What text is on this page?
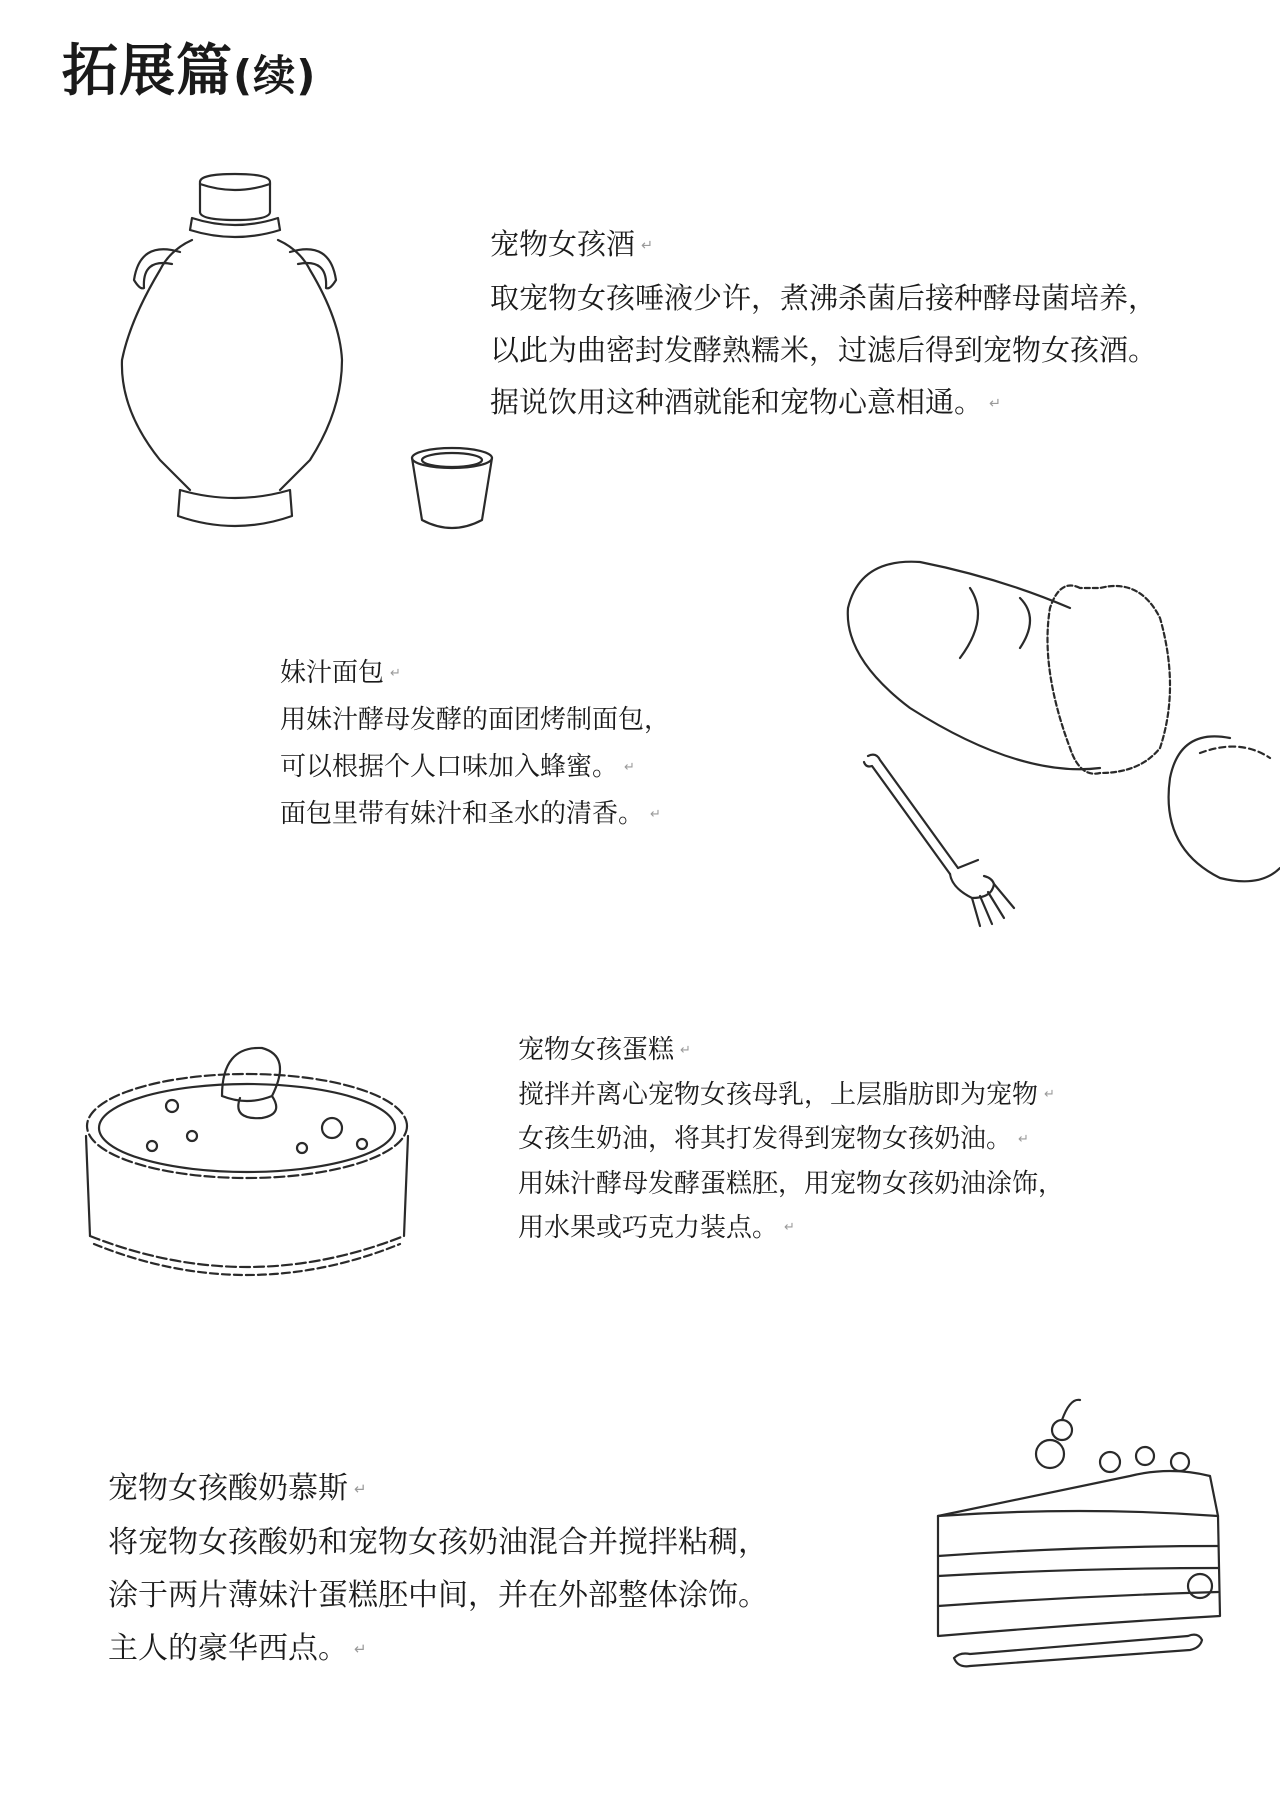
拓展篇(续)
宠物女孩酒 ↵
取宠物女孩唾液少许，煮沸杀菌后接种酵母菌培养，
以此为曲密封发酵熟糯米，过滤后得到宠物女孩酒。
据说饮用这种酒就能和宠物心意相通。 ↵
妹汁面包 ↵
用妹汁酵母发酵的面团烤制面包，
可以根据个人口味加入蜂蜜。 ↵
面包里带有妹汁和圣水的清香。 ↵
宠物女孩蛋糕 ↵
搅拌并离心宠物女孩母乳，上层脂肪即为宠物 ↵
女孩生奶油，将其打发得到宠物女孩奶油。 ↵
用妹汁酵母发酵蛋糕胚，用宠物女孩奶油涂饰，
用水果或巧克力装点。 ↵
宠物女孩酸奶慕斯 ↵
将宠物女孩酸奶和宠物女孩奶油混合并搅拌粘稠，
涂于两片薄妹汁蛋糕胚中间，并在外部整体涂饰。
主人的豪华西点。 ↵
